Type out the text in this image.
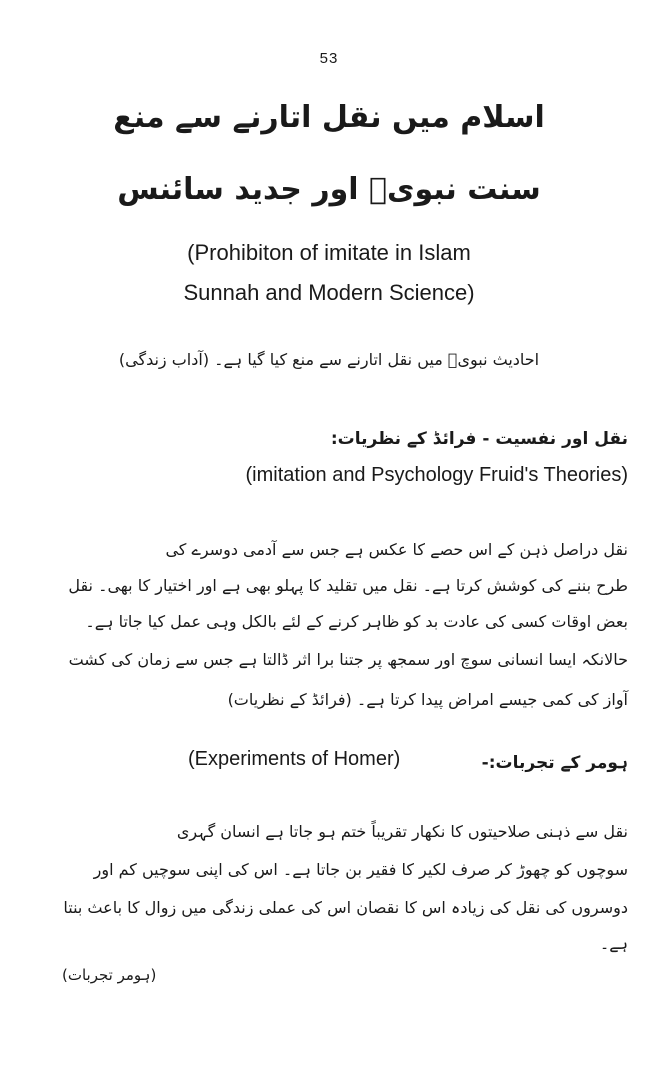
53
اسلام میں نقل اتارنے سے منع
سنت نبویؐ اور جدید سائنس
(Prohibiton of imitate in Islam
Sunnah and Modern Science)
احادیث نبویؐ میں نقل اتارنے سے منع کیا گیا ہے۔ (آداب زندگی)
نقل اور نفسیت - فرائڈ کے نظریات:
(imitation and Psychology Fruid's Theories)
نقل دراصل ذہن کے اس حصے کا عکس ہے جس سے آدمی دوسرے کی
طرح بننے کی کوشش کرتا ہے۔ نقل میں تقلید کا پہلو بھی ہے اور اختیار کا بھی۔ نقل
بعض اوقات کسی کی عادت بد کو ظاہر کرنے کے لئے بالکل وہی عمل کیا جاتا ہے۔
حالانکہ ایسا انسانی سوچ اور سمجھ پر جتنا برا اثر ڈالتا ہے جس سے زمان کی کشت
آواز کی کمی جیسے امراض پیدا کرتا ہے۔ (فرائڈ کے نظریات)
ہومر کے تجربات:-
(Experiments of Homer)
نقل سے ذہنی صلاحیتوں کا نکھار تقریباً ختم ہو جاتا ہے انسان گہری
سوچوں کو چھوڑ کر صرف لکیر کا فقیر بن جاتا ہے۔ اس کی اپنی سوچیں کم اور
دوسروں کی نقل کی زیادہ اس کا نقصان اس کی عملی زندگی میں زوال کا باعث بنتا
ہے۔
(ہومر تجربات)
